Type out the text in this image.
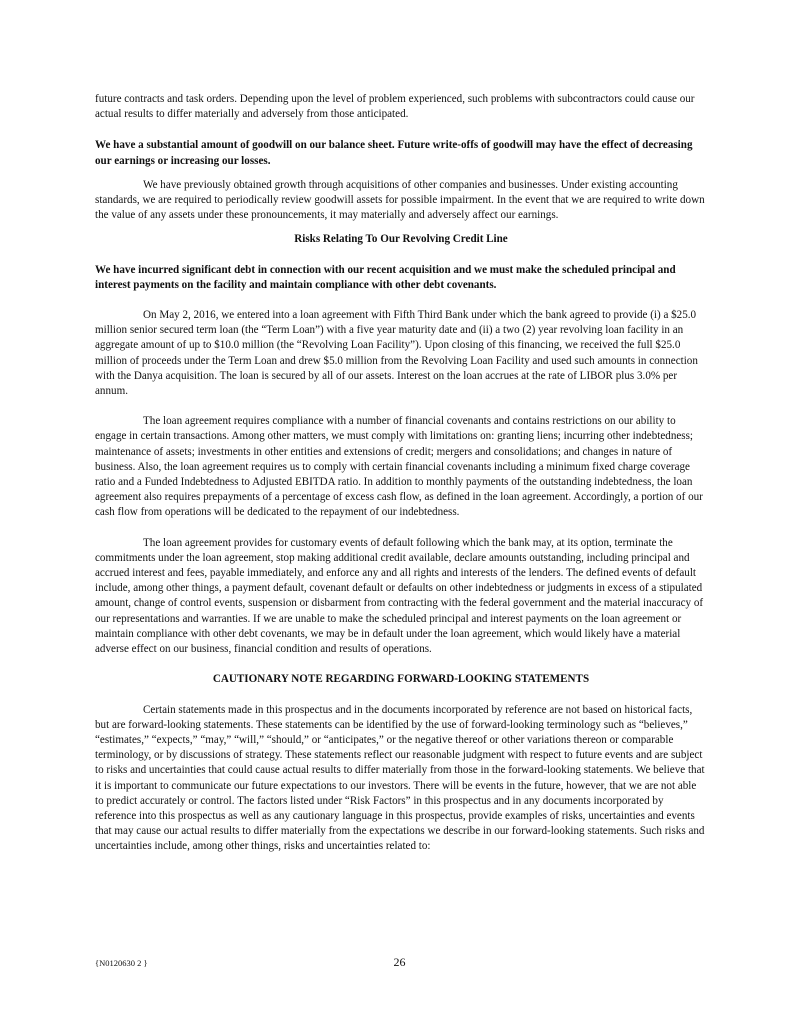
future contracts and task orders. Depending upon the level of problem experienced, such problems with subcontractors could cause our actual results to differ materially and adversely from those anticipated.

We have a substantial amount of goodwill on our balance sheet. Future write-offs of goodwill may have the effect of decreasing our earnings or increasing our losses.

We have previously obtained growth through acquisitions of other companies and businesses. Under existing accounting standards, we are required to periodically review goodwill assets for possible impairment. In the event that we are required to write down the value of any assets under these pronouncements, it may materially and adversely affect our earnings.

Risks Relating To Our Revolving Credit Line

We have incurred significant debt in connection with our recent acquisition and we must make the scheduled principal and interest payments on the facility and maintain compliance with other debt covenants.

On May 2, 2016, we entered into a loan agreement with Fifth Third Bank under which the bank agreed to provide (i) a $25.0 million senior secured term loan (the “Term Loan”) with a five year maturity date and (ii) a two (2) year revolving loan facility in an aggregate amount of up to $10.0 million (the “Revolving Loan Facility”). Upon closing of this financing, we received the full $25.0 million of proceeds under the Term Loan and drew $5.0 million from the Revolving Loan Facility and used such amounts in connection with the Danya acquisition. The loan is secured by all of our assets. Interest on the loan accrues at the rate of LIBOR plus 3.0% per annum.

The loan agreement requires compliance with a number of financial covenants and contains restrictions on our ability to engage in certain transactions. Among other matters, we must comply with limitations on: granting liens; incurring other indebtedness; maintenance of assets; investments in other entities and extensions of credit; mergers and consolidations; and changes in nature of business. Also, the loan agreement requires us to comply with certain financial covenants including a minimum fixed charge coverage ratio and a Funded Indebtedness to Adjusted EBITDA ratio. In addition to monthly payments of the outstanding indebtedness, the loan agreement also requires prepayments of a percentage of excess cash flow, as defined in the loan agreement. Accordingly, a portion of our cash flow from operations will be dedicated to the repayment of our indebtedness.

The loan agreement provides for customary events of default following which the bank may, at its option, terminate the commitments under the loan agreement, stop making additional credit available, declare amounts outstanding, including principal and accrued interest and fees, payable immediately, and enforce any and all rights and interests of the lenders. The defined events of default include, among other things, a payment default, covenant default or defaults on other indebtedness or judgments in excess of a stipulated amount, change of control events, suspension or disbarment from contracting with the federal government and the material inaccuracy of our representations and warranties. If we are unable to make the scheduled principal and interest payments on the loan agreement or maintain compliance with other debt covenants, we may be in default under the loan agreement, which would likely have a material adverse effect on our business, financial condition and results of operations.

CAUTIONARY NOTE REGARDING FORWARD-LOOKING STATEMENTS

Certain statements made in this prospectus and in the documents incorporated by reference are not based on historical facts, but are forward-looking statements. These statements can be identified by the use of forward-looking terminology such as “believes,” “estimates,” “expects,” “may,” “will,” “should,” or “anticipates,” or the negative thereof or other variations thereon or comparable terminology, or by discussions of strategy. These statements reflect our reasonable judgment with respect to future events and are subject to risks and uncertainties that could cause actual results to differ materially from those in the forward-looking statements. We believe that it is important to communicate our future expectations to our investors. There will be events in the future, however, that we are not able to predict accurately or control. The factors listed under “Risk Factors” in this prospectus and in any documents incorporated by reference into this prospectus as well as any cautionary language in this prospectus, provide examples of risks, uncertainties and events that may cause our actual results to differ materially from the expectations we describe in our forward-looking statements. Such risks and uncertainties include, among other things, risks and uncertainties related to:

{N0120630 2 }	26
